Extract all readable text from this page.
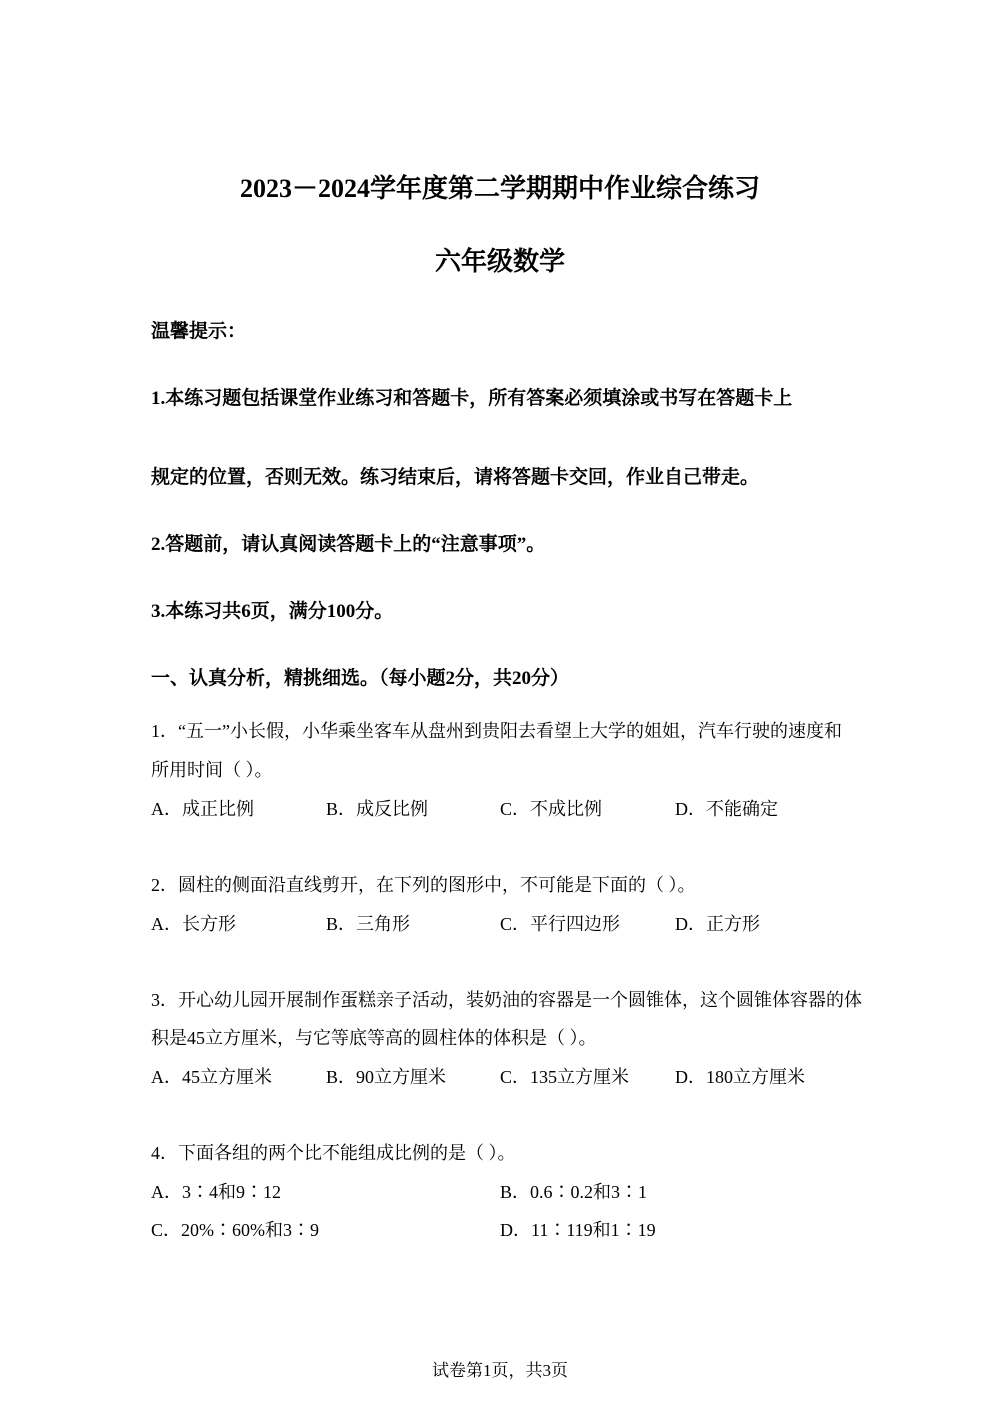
2023－2024学年度第二学期期中作业综合练习
六年级数学
温馨提示：
1.本练习题包括课堂作业练习和答题卡，所有答案必须填涂或书写在答题卡上
规定的位置，否则无效。练习结束后，请将答题卡交回，作业自己带走。
2.答题前，请认真阅读答题卡上的“注意事项”。
3.本练习共6页，满分100分。
一、认真分析，精挑细选。（每小题2分，共20分）
1．“五一”小长假，小华乘坐客车从盘州到贵阳去看望上大学的姐姐，汽车行驶的速度和
所用时间（ ）。
A．成正比例	B．成反比例	C．不成比例	D．不能确定
2．圆柱的侧面沿直线剪开，在下列的图形中，不可能是下面的（ ）。
A．长方形	B．三角形	C．平行四边形	D．正方形
3．开心幼儿园开展制作蛋糕亲子活动，装奶油的容器是一个圆锥体，这个圆锥体容器的体
积是45立方厘米，与它等底等高的圆柱体的体积是（ ）。
A．45立方厘米	B．90立方厘米	C．135立方厘米	D．180立方厘米
4．下面各组的两个比不能组成比例的是（ ）。
A．3∶4和9∶12	B．0.6∶0.2和3∶1
C．20%∶60%和3∶9	D．11∶119和1∶19
试卷第1页，共3页
